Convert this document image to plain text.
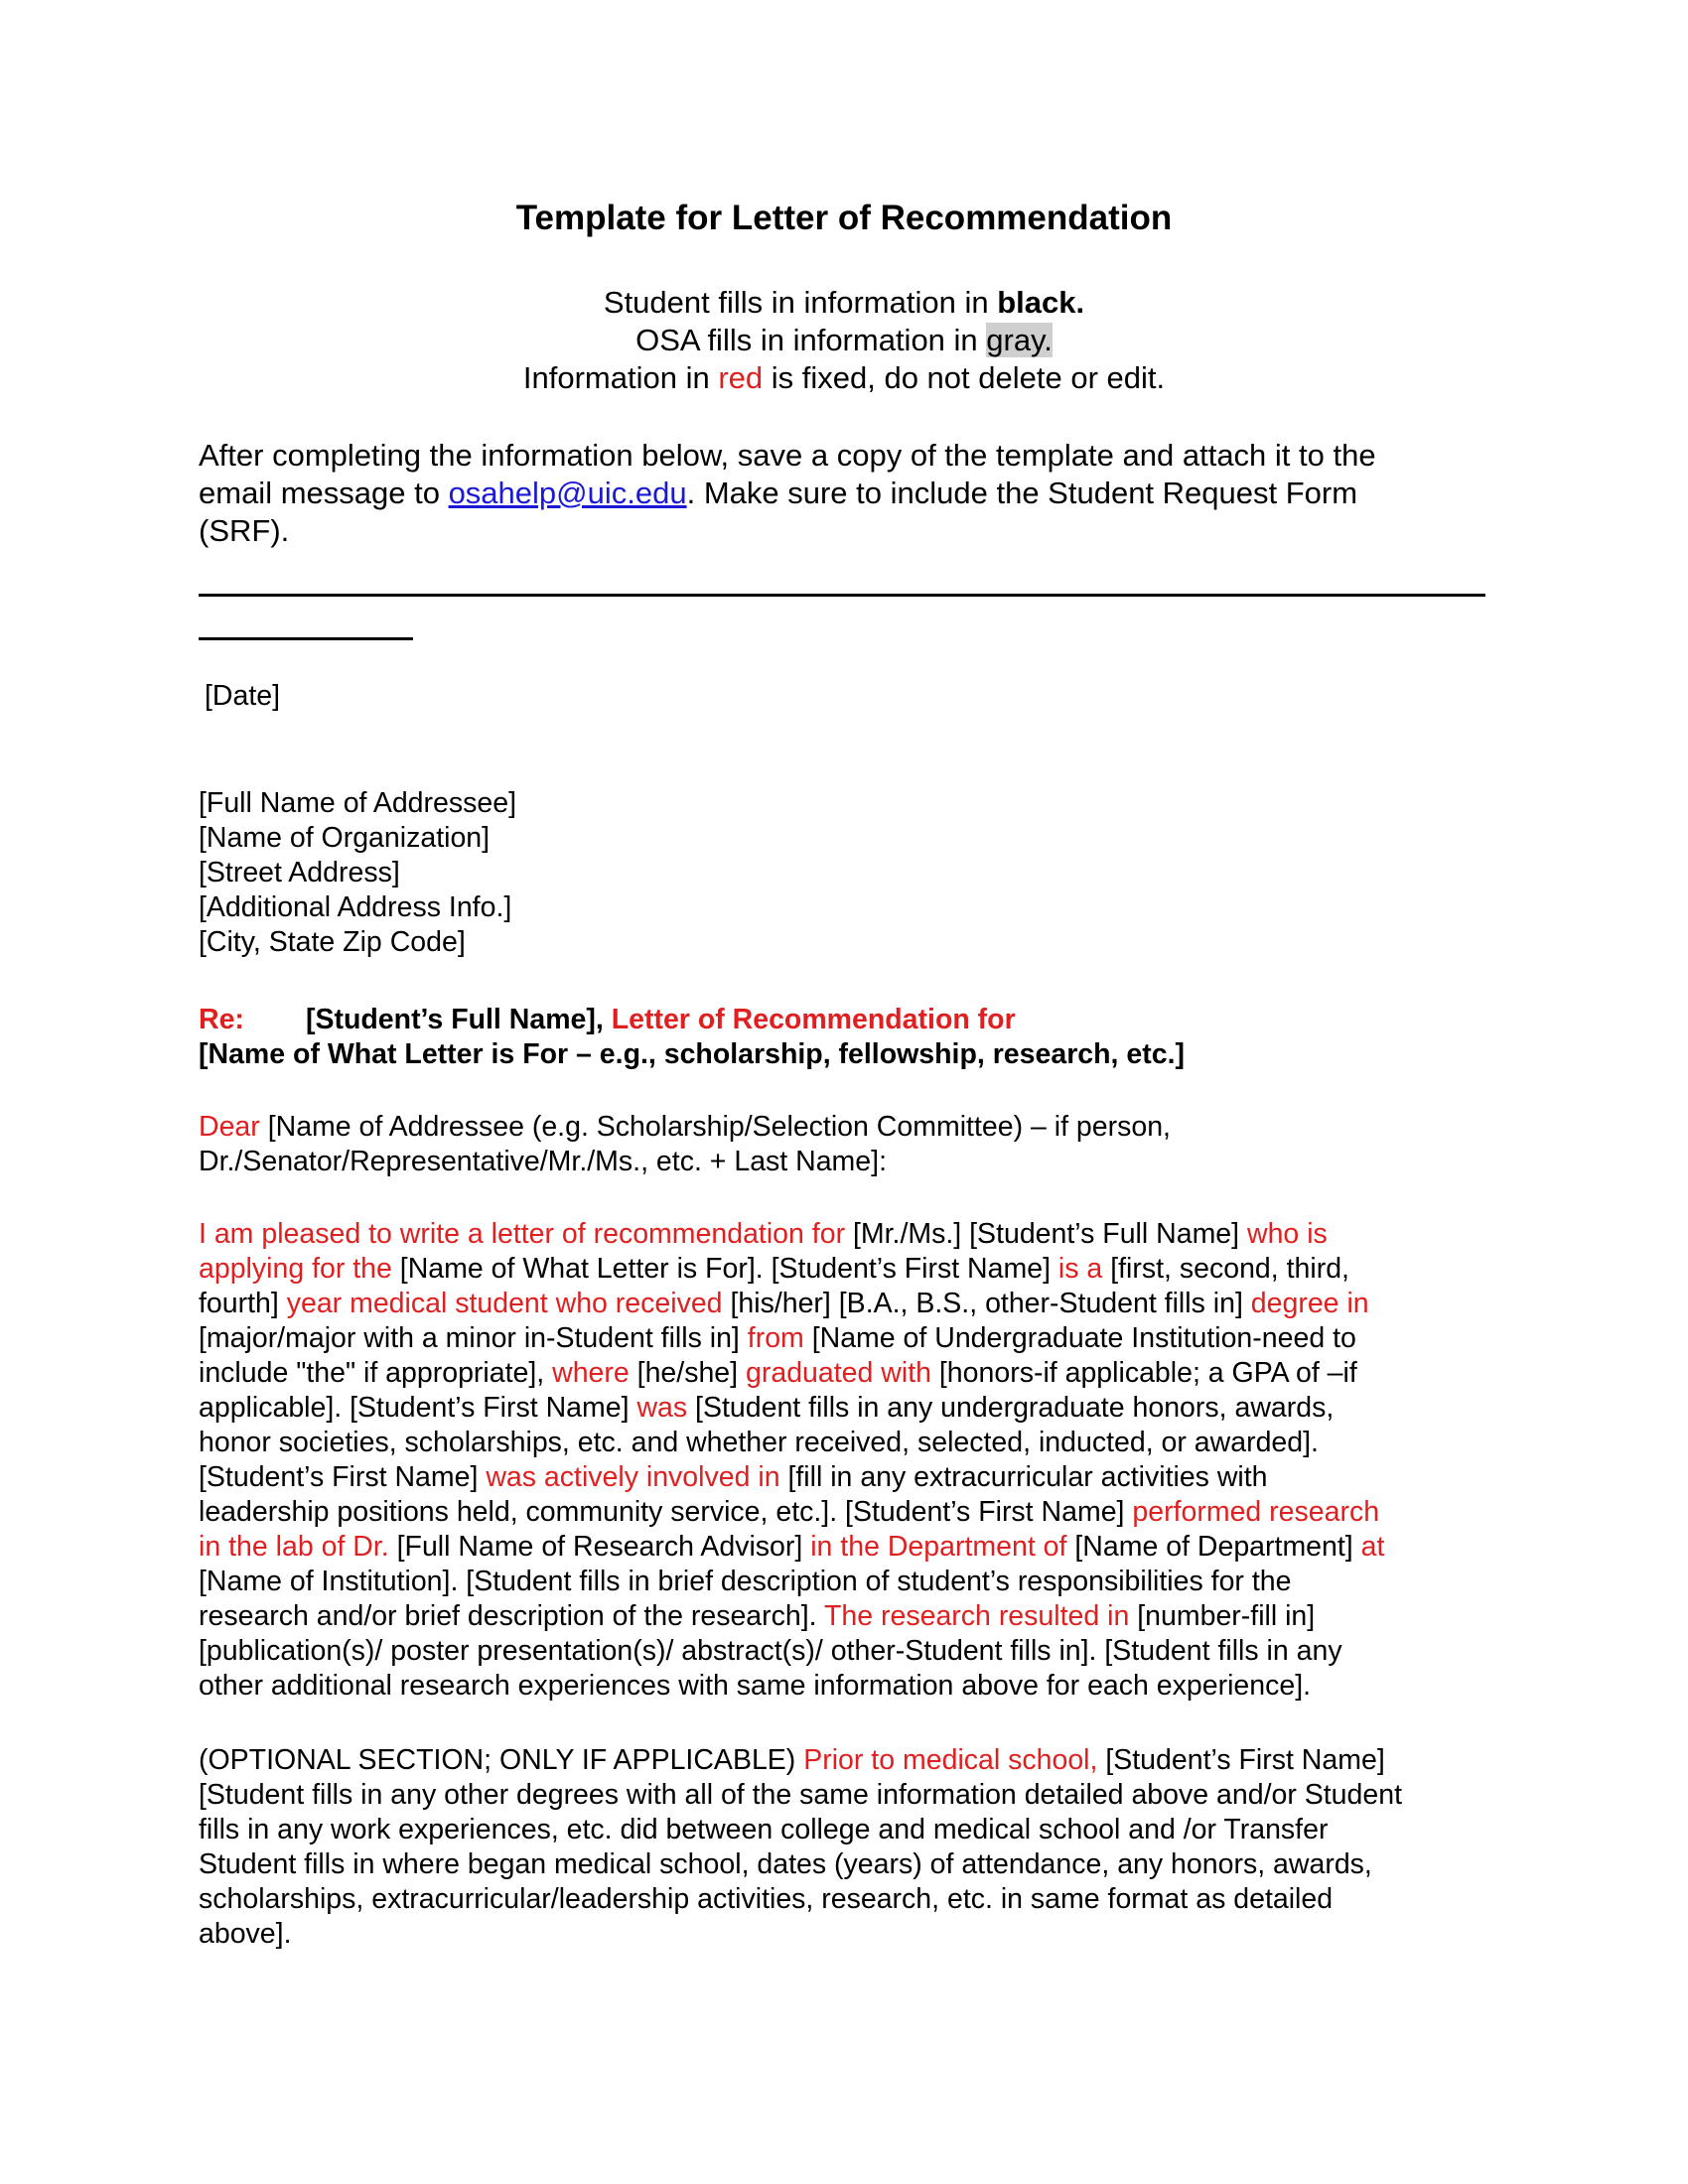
Template for Letter of Recommendation
Student fills in information in black.
OSA fills in information in gray.
Information in red is fixed, do not delete or edit.
After completing the information below, save a copy of the template and attach it to the
email message to osahelp@uic.edu. Make sure to include the Student Request Form
(SRF).
[Date]
[Full Name of Addressee]
[Name of Organization]
[Street Address]
[Additional Address Info.]
[City, State Zip Code]
Re: [Student’s Full Name], Letter of Recommendation for
[Name of What Letter is For – e.g., scholarship, fellowship, research, etc.]
Dear [Name of Addressee (e.g. Scholarship/Selection Committee) – if person,
Dr./Senator/Representative/Mr./Ms., etc. + Last Name]:
I am pleased to write a letter of recommendation for [Mr./Ms.] [Student’s Full Name] who is
applying for the [Name of What Letter is For]. [Student’s First Name] is a [first, second, third,
fourth] year medical student who received [his/her] [B.A., B.S., other-Student fills in] degree in
[major/major with a minor in-Student fills in] from [Name of Undergraduate Institution-need to
include "the" if appropriate], where [he/she] graduated with [honors-if applicable; a GPA of –if
applicable]. [Student’s First Name] was [Student fills in any undergraduate honors, awards,
honor societies, scholarships, etc. and whether received, selected, inducted, or awarded].
[Student’s First Name] was actively involved in [fill in any extracurricular activities with
leadership positions held, community service, etc.]. [Student’s First Name] performed research
in the lab of Dr. [Full Name of Research Advisor] in the Department of [Name of Department] at
[Name of Institution]. [Student fills in brief description of student’s responsibilities for the
research and/or brief description of the research]. The research resulted in [number-fill in]
[publication(s)/ poster presentation(s)/ abstract(s)/ other-Student fills in]. [Student fills in any
other additional research experiences with same information above for each experience].
(OPTIONAL SECTION; ONLY IF APPLICABLE) Prior to medical school, [Student’s First Name]
[Student fills in any other degrees with all of the same information detailed above and/or Student
fills in any work experiences, etc. did between college and medical school and /or Transfer
Student fills in where began medical school, dates (years) of attendance, any honors, awards,
scholarships, extracurricular/leadership activities, research, etc. in same format as detailed
above].
